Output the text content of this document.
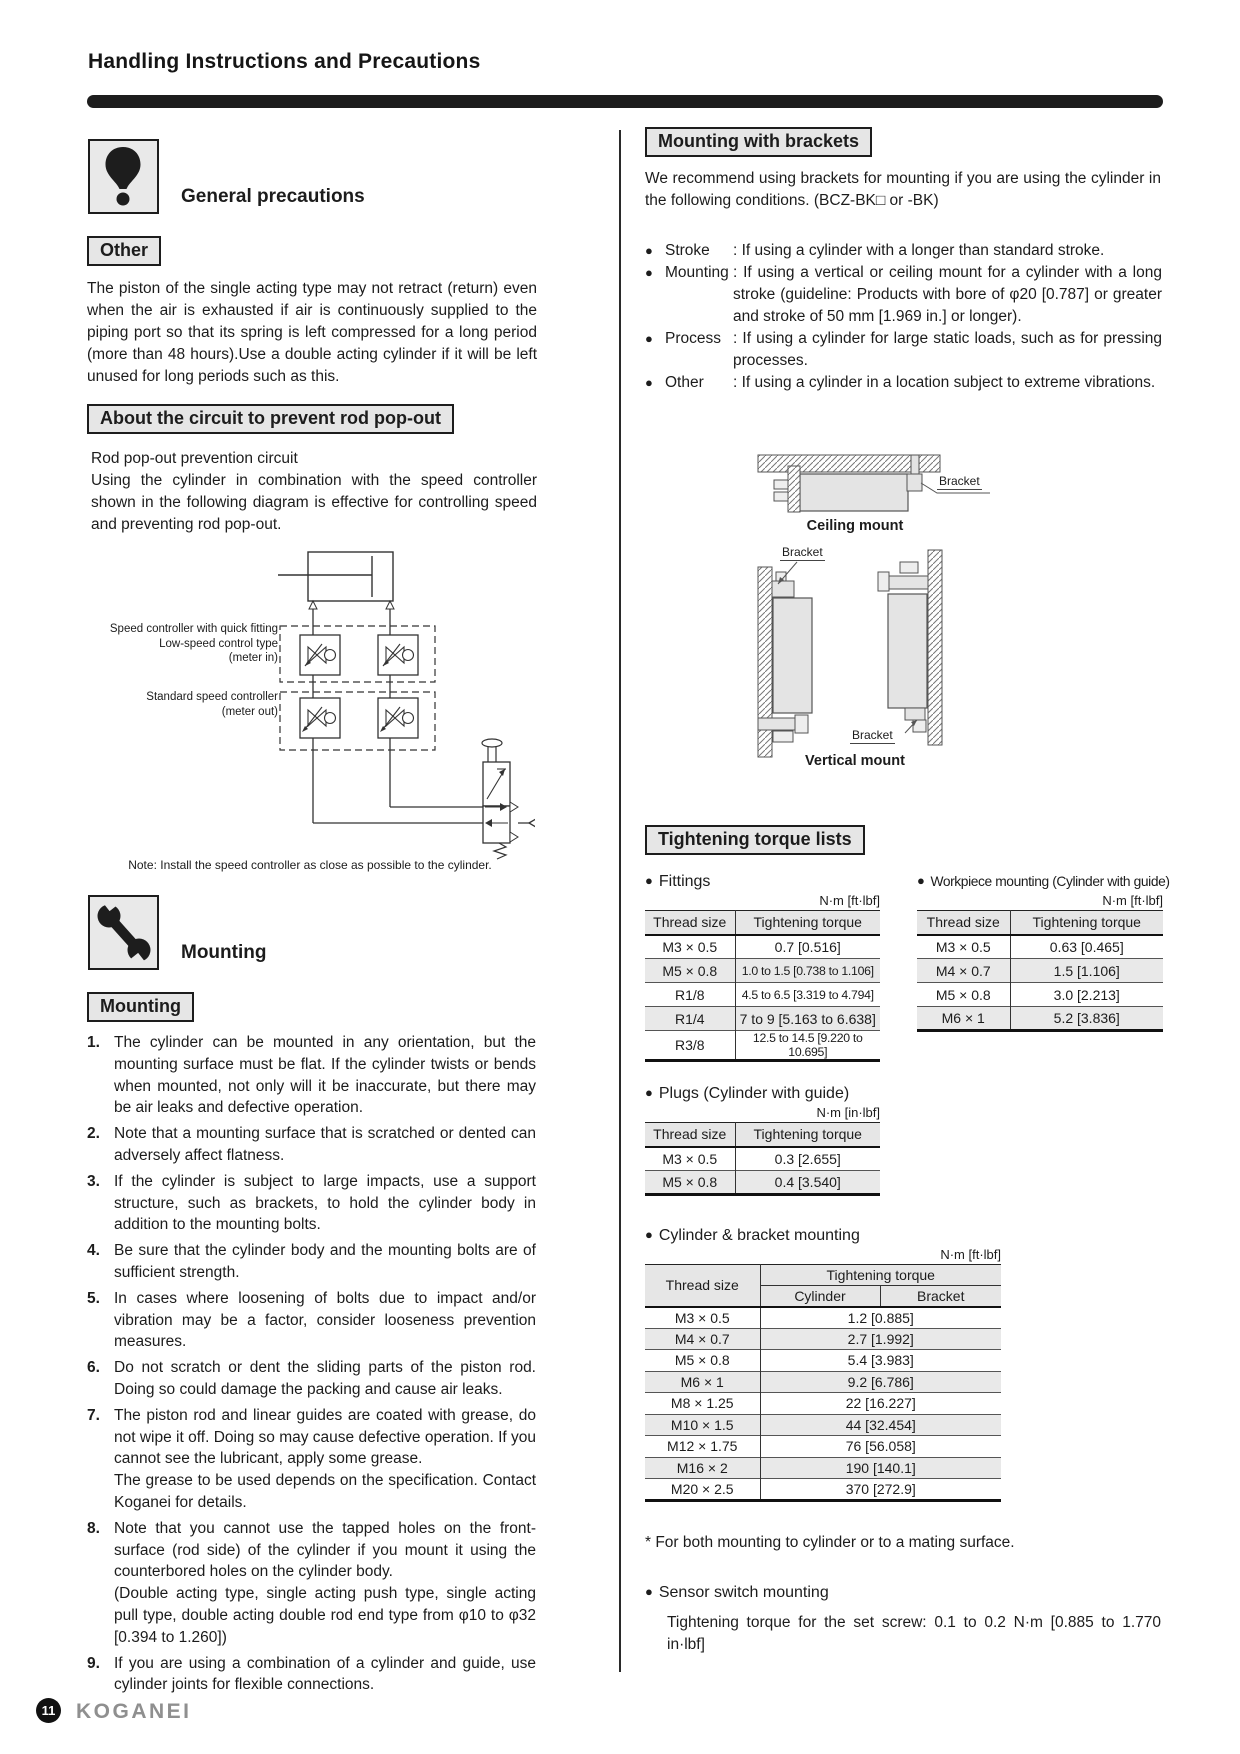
Handling Instructions and Precautions
General precautions
Other
The piston of the single acting type may not retract (return) even when the air is exhausted if air is continuously supplied to the piping port so that its spring is left compressed for a long period (more than 48 hours).Use a double acting cylinder if it will be left unused for long periods such as this.
About the circuit to prevent rod pop-out
Rod pop-out prevention circuit
Using the cylinder in combination with the speed controller shown in the following diagram is effective for controlling speed and preventing rod pop-out.
Speed controller with quick fitting
Low-speed control type
(meter in)
Standard speed controller
(meter out)
Note: Install the speed controller as close as possible to the cylinder.
Mounting
Mounting
1. The cylinder can be mounted in any orientation, but the mounting surface must be flat. If the cylinder twists or bends when mounted, not only will it be inaccurate, but there may be air leaks and defective operation.
2. Note that a mounting surface that is scratched or dented can adversely affect flatness.
3. If the cylinder is subject to large impacts, use a support structure, such as brackets, to hold the cylinder body in addition to the mounting bolts.
4. Be sure that the cylinder body and the mounting bolts are of sufficient strength.
5. In cases where loosening of bolts due to impact and/or vibration may be a factor, consider looseness prevention measures.
6. Do not scratch or dent the sliding parts of the piston rod. Doing so could damage the packing and cause air leaks.
7. The piston rod and linear guides are coated with grease, do not wipe it off. Doing so may cause defective operation. If you cannot see the lubricant, apply some grease.
The grease to be used depends on the specification. Contact Koganei for details.
8. Note that you cannot use the tapped holes on the front-surface (rod side) of the cylinder if you mount it using the counterbored holes on the cylinder body.
(Double acting type, single acting push type, single acting pull type, double acting double rod end type from φ10 to φ32 [0.394 to 1.260])
9. If you are using a combination of a cylinder and guide, use cylinder joints for flexible connections.
Mounting with brackets
We recommend using brackets for mounting if you are using the cylinder in the following conditions. (BCZ-BK□ or -BK)
● Stroke	: If using a cylinder with a longer than standard stroke.
● Mounting : If using a vertical or ceiling mount for a cylinder with a long stroke (guideline: Products with bore of φ20 [0.787] or greater and stroke of 50 mm [1.969 in.] or longer).
● Process : If using a cylinder for large static loads, such as for pressing processes.
● Other	: If using a cylinder in a location subject to extreme vibrations.
Bracket
Ceiling mount
Bracket
Bracket
Vertical mount
Tightening torque lists
● Fittings
N·m [ft·lbf]
Thread size	Tightening torque
M3 × 0.5	0.7 [0.516]
M5 × 0.8	1.0 to 1.5 [0.738 to 1.106]
R1/8	4.5 to 6.5 [3.319 to 4.794]
R1/4	7 to 9 [5.163 to 6.638]
R3/8	12.5 to 14.5 [9.220 to 10.695]
● Workpiece mounting (Cylinder with guide)
N·m [ft·lbf]
Thread size	Tightening torque
M3 × 0.5	0.63 [0.465]
M4 × 0.7	1.5 [1.106]
M5 × 0.8	3.0 [2.213]
M6 × 1	5.2 [3.836]
● Plugs (Cylinder with guide)
N·m [in·lbf]
Thread size	Tightening torque
M3 × 0.5	0.3 [2.655]
M5 × 0.8	0.4 [3.540]
● Cylinder & bracket mounting
N·m [ft·lbf]
Thread size	Tightening torque	
	Cylinder	Bracket
M3 × 0.5	1.2 [0.885]	
M4 × 0.7	2.7 [1.992]	
M5 × 0.8	5.4 [3.983]	
M6 × 1	9.2 [6.786]	
M8 × 1.25	22 [16.227]	
M10 × 1.5	44 [32.454]	
M12 × 1.75	76 [56.058]	
M16 × 2	190 [140.1]	
M20 × 2.5	370 [272.9]	
* For both mounting to cylinder or to a mating surface.
● Sensor switch mounting
Tightening torque for the set screw: 0.1 to 0.2 N·m [0.885 to 1.770 in·lbf]
11 KOGANEI
